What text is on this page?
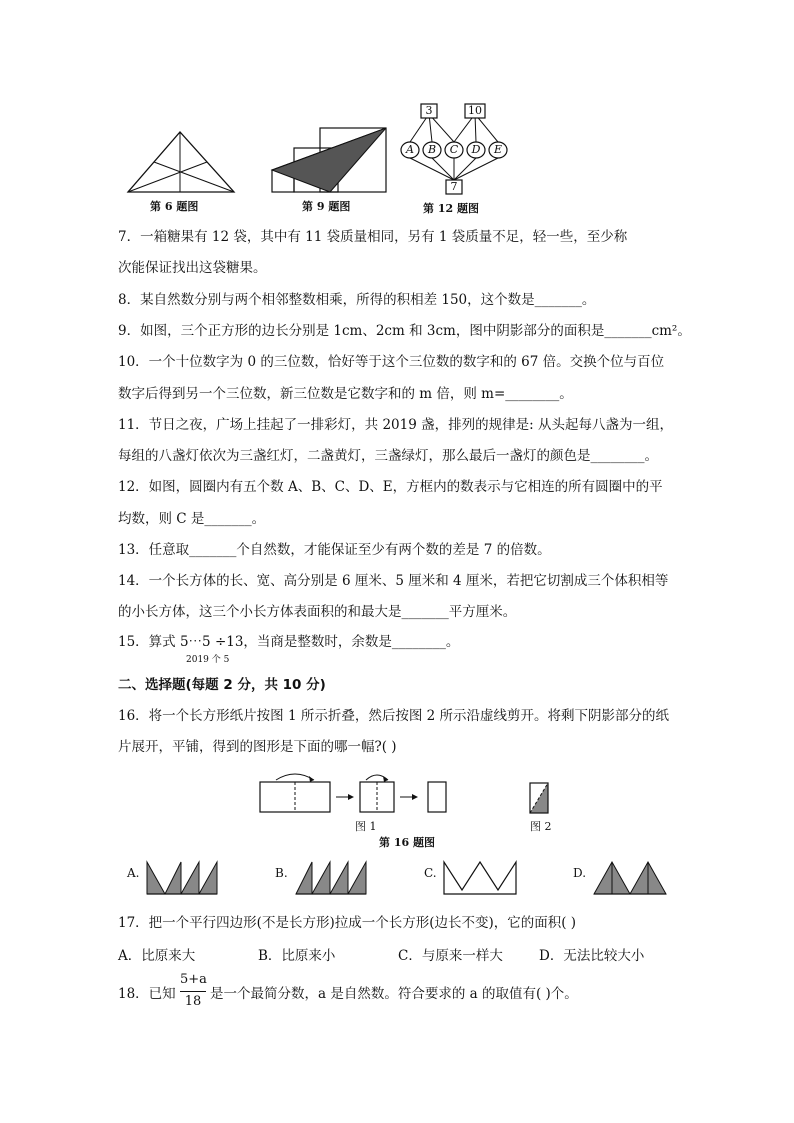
第 6 题图	第 9 题图
3	10
7
A	B	C	D	E
第 12 题图
7．一箱糖果有 12 袋，其中有 11 袋质量相同，另有 1 袋质量不足，轻一些，至少称
次能保证找出这袋糖果。
8．某自然数分别与两个相邻整数相乘，所得的积相差 150，这个数是_______。
9．如图，三个正方形的边长分别是 1cm、2cm 和 3cm，图中阴影部分的面积是_______cm²。
10．一个十位数字为 0 的三位数，恰好等于这个三位数的数字和的 67 倍。交换个位与百位
数字后得到另一个三位数，新三位数是它数字和的 m 倍，则 m=________。
11．节日之夜，广场上挂起了一排彩灯，共 2019 盏，排列的规律是: 从头起每八盏为一组，
每组的八盏灯依次为三盏红灯，二盏黄灯，三盏绿灯，那么最后一盏灯的颜色是________。
12．如图，圆圈内有五个数 A、B、C、D、E，方框内的数表示与它相连的所有圆圈中的平
均数，则 C 是_______。
13．任意取_______个自然数，才能保证至少有两个数的差是 7 的倍数。
14．一个长方体的长、宽、高分别是 6 厘米、5 厘米和 4 厘米，若把它切割成三个体积相等
的小长方体，这三个小长方体表面积的和最大是_______平方厘米。
15．算式 5⋯5 ÷13，当商是整数时，余数是________。
2019 个 5
二、选择题(每题 2 分，共 10 分)
16．将一个长方形纸片按图 1 所示折叠，然后按图 2 所示沿虚线剪开。将剩下阴影部分的纸
片展开，平铺，得到的图形是下面的哪一幅?( )
图 1	图 2
第 16 题图
A.	B.	C.	D.
17．把一个平行四边形(不是长方形)拉成一个长方形(边长不变)，它的面积( )
A．比原来大	B．比原来小	C．与原来一样大	D．无法比较大小
18．已知
5+a
18 是一个最简分数，a 是自然数。符合要求的 a 的取值有( )个。
